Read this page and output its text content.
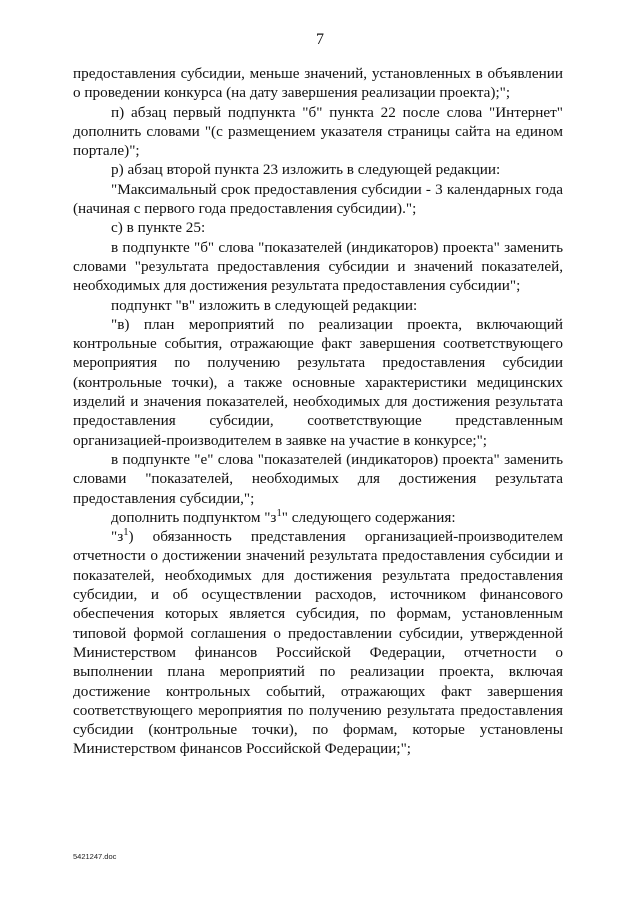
7

предоставления субсидии, меньше значений, установленных в объявлении о проведении конкурса (на дату завершения реализации проекта);";

п) абзац первый подпункта "б" пункта 22 после слова "Интернет" дополнить словами "(с размещением указателя страницы сайта на едином портале)";

р) абзац второй пункта 23 изложить в следующей редакции:

"Максимальный срок предоставления субсидии - 3 календарных года (начиная с первого года предоставления субсидии).";

с) в пункте 25:

в подпункте "б" слова "показателей (индикаторов) проекта" заменить словами "результата предоставления субсидии и значений показателей, необходимых для достижения результата предоставления субсидии";

подпункт "в" изложить в следующей редакции:

"в) план мероприятий по реализации проекта, включающий контрольные события, отражающие факт завершения соответствующего мероприятия по получению результата предоставления субсидии (контрольные точки), а также основные характеристики медицинских изделий и значения показателей, необходимых для достижения результата предоставления субсидии, соответствующие представленным организацией-производителем в заявке на участие в конкурсе;";

в подпункте "е" слова "показателей (индикаторов) проекта" заменить словами "показателей, необходимых для достижения результата предоставления субсидии,";

дополнить подпунктом "$з^1$" следующего содержания:

"$з^1$) обязанность представления организацией-производителем отчетности о достижении значений результата предоставления субсидии и показателей, необходимых для достижения результата предоставления субсидии, и об осуществлении расходов, источником финансового обеспечения которых является субсидия, по формам, установленным типовой формой соглашения о предоставлении субсидии, утвержденной Министерством финансов Российской Федерации, отчетности о выполнении плана мероприятий по реализации проекта, включая достижение контрольных событий, отражающих факт завершения соответствующего мероприятия по получению результата предоставления субсидии (контрольные точки), по формам, которые установлены Министерством финансов Российской Федерации;";

5421247.doc
